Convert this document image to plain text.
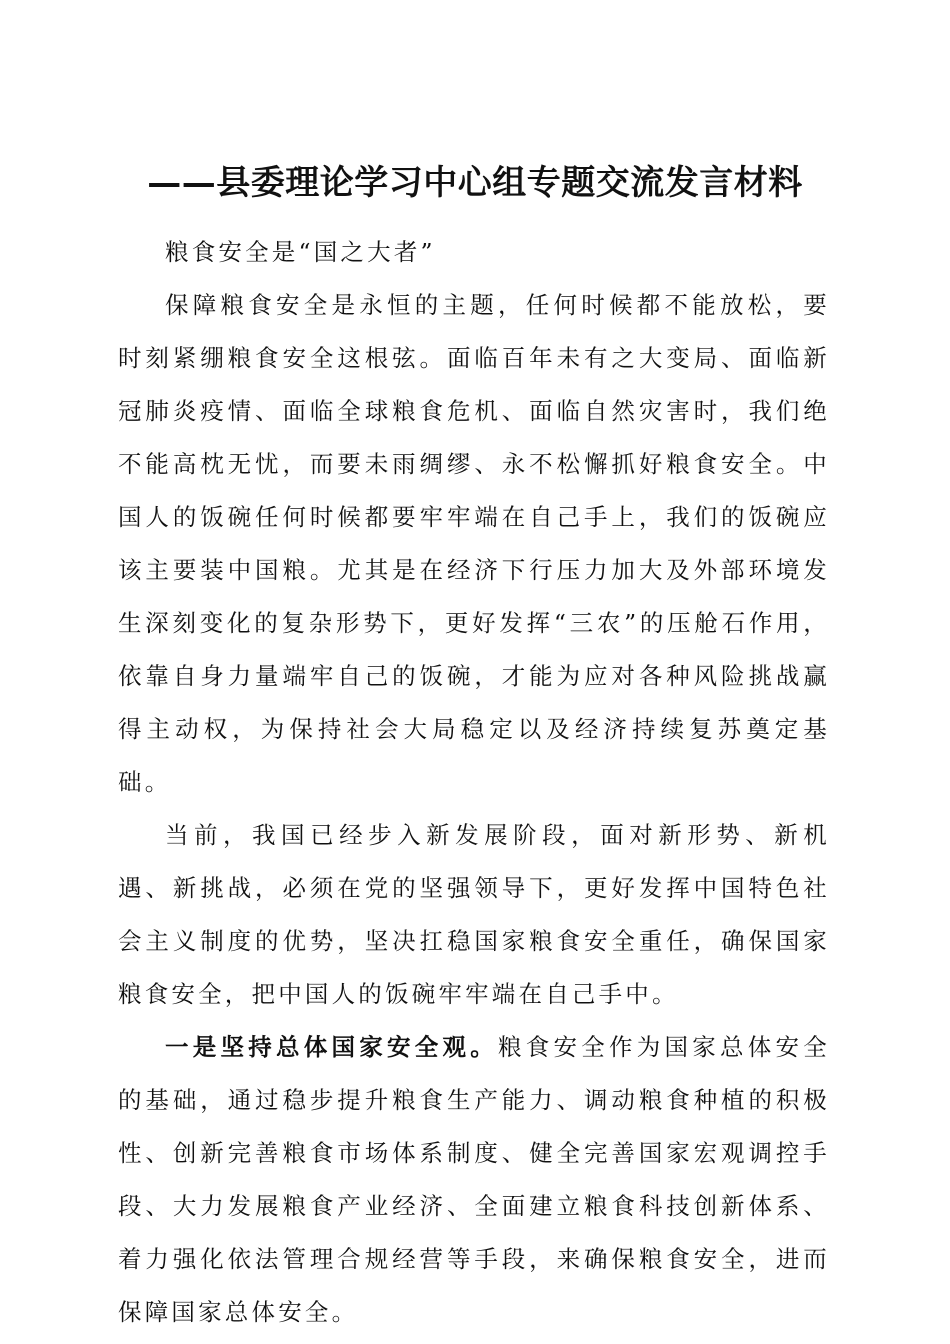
——县委理论学习中心组专题交流发言材料

粮食安全是“国之大者”

保障粮食安全是永恒的主题，任何时候都不能放松，要时刻紧绷粮食安全这根弦。面临百年未有之大变局、面临新冠肺炎疫情、面临全球粮食危机、面临自然灾害时，我们绝不能高枕无忧，而要未雨绸缪、永不松懈抓好粮食安全。中国人的饭碗任何时候都要牢牢端在自己手上，我们的饭碗应该主要装中国粮。尤其是在经济下行压力加大及外部环境发生深刻变化的复杂形势下，更好发挥“三农”的压舱石作用，依靠自身力量端牢自己的饭碗，才能为应对各种风险挑战赢得主动权，为保持社会大局稳定以及经济持续复苏奠定基础。

当前，我国已经步入新发展阶段，面对新形势、新机遇、新挑战，必须在党的坚强领导下，更好发挥中国特色社会主义制度的优势，坚决扛稳国家粮食安全重任，确保国家粮食安全，把中国人的饭碗牢牢端在自己手中。

一是坚持总体国家安全观。粮食安全作为国家总体安全的基础，通过稳步提升粮食生产能力、调动粮食种植的积极性、创新完善粮食市场体系制度、健全完善国家宏观调控手段、大力发展粮食产业经济、全面建立粮食科技创新体系、着力强化依法管理合规经营等手段，来确保粮食安全，进而保障国家总体安全。
